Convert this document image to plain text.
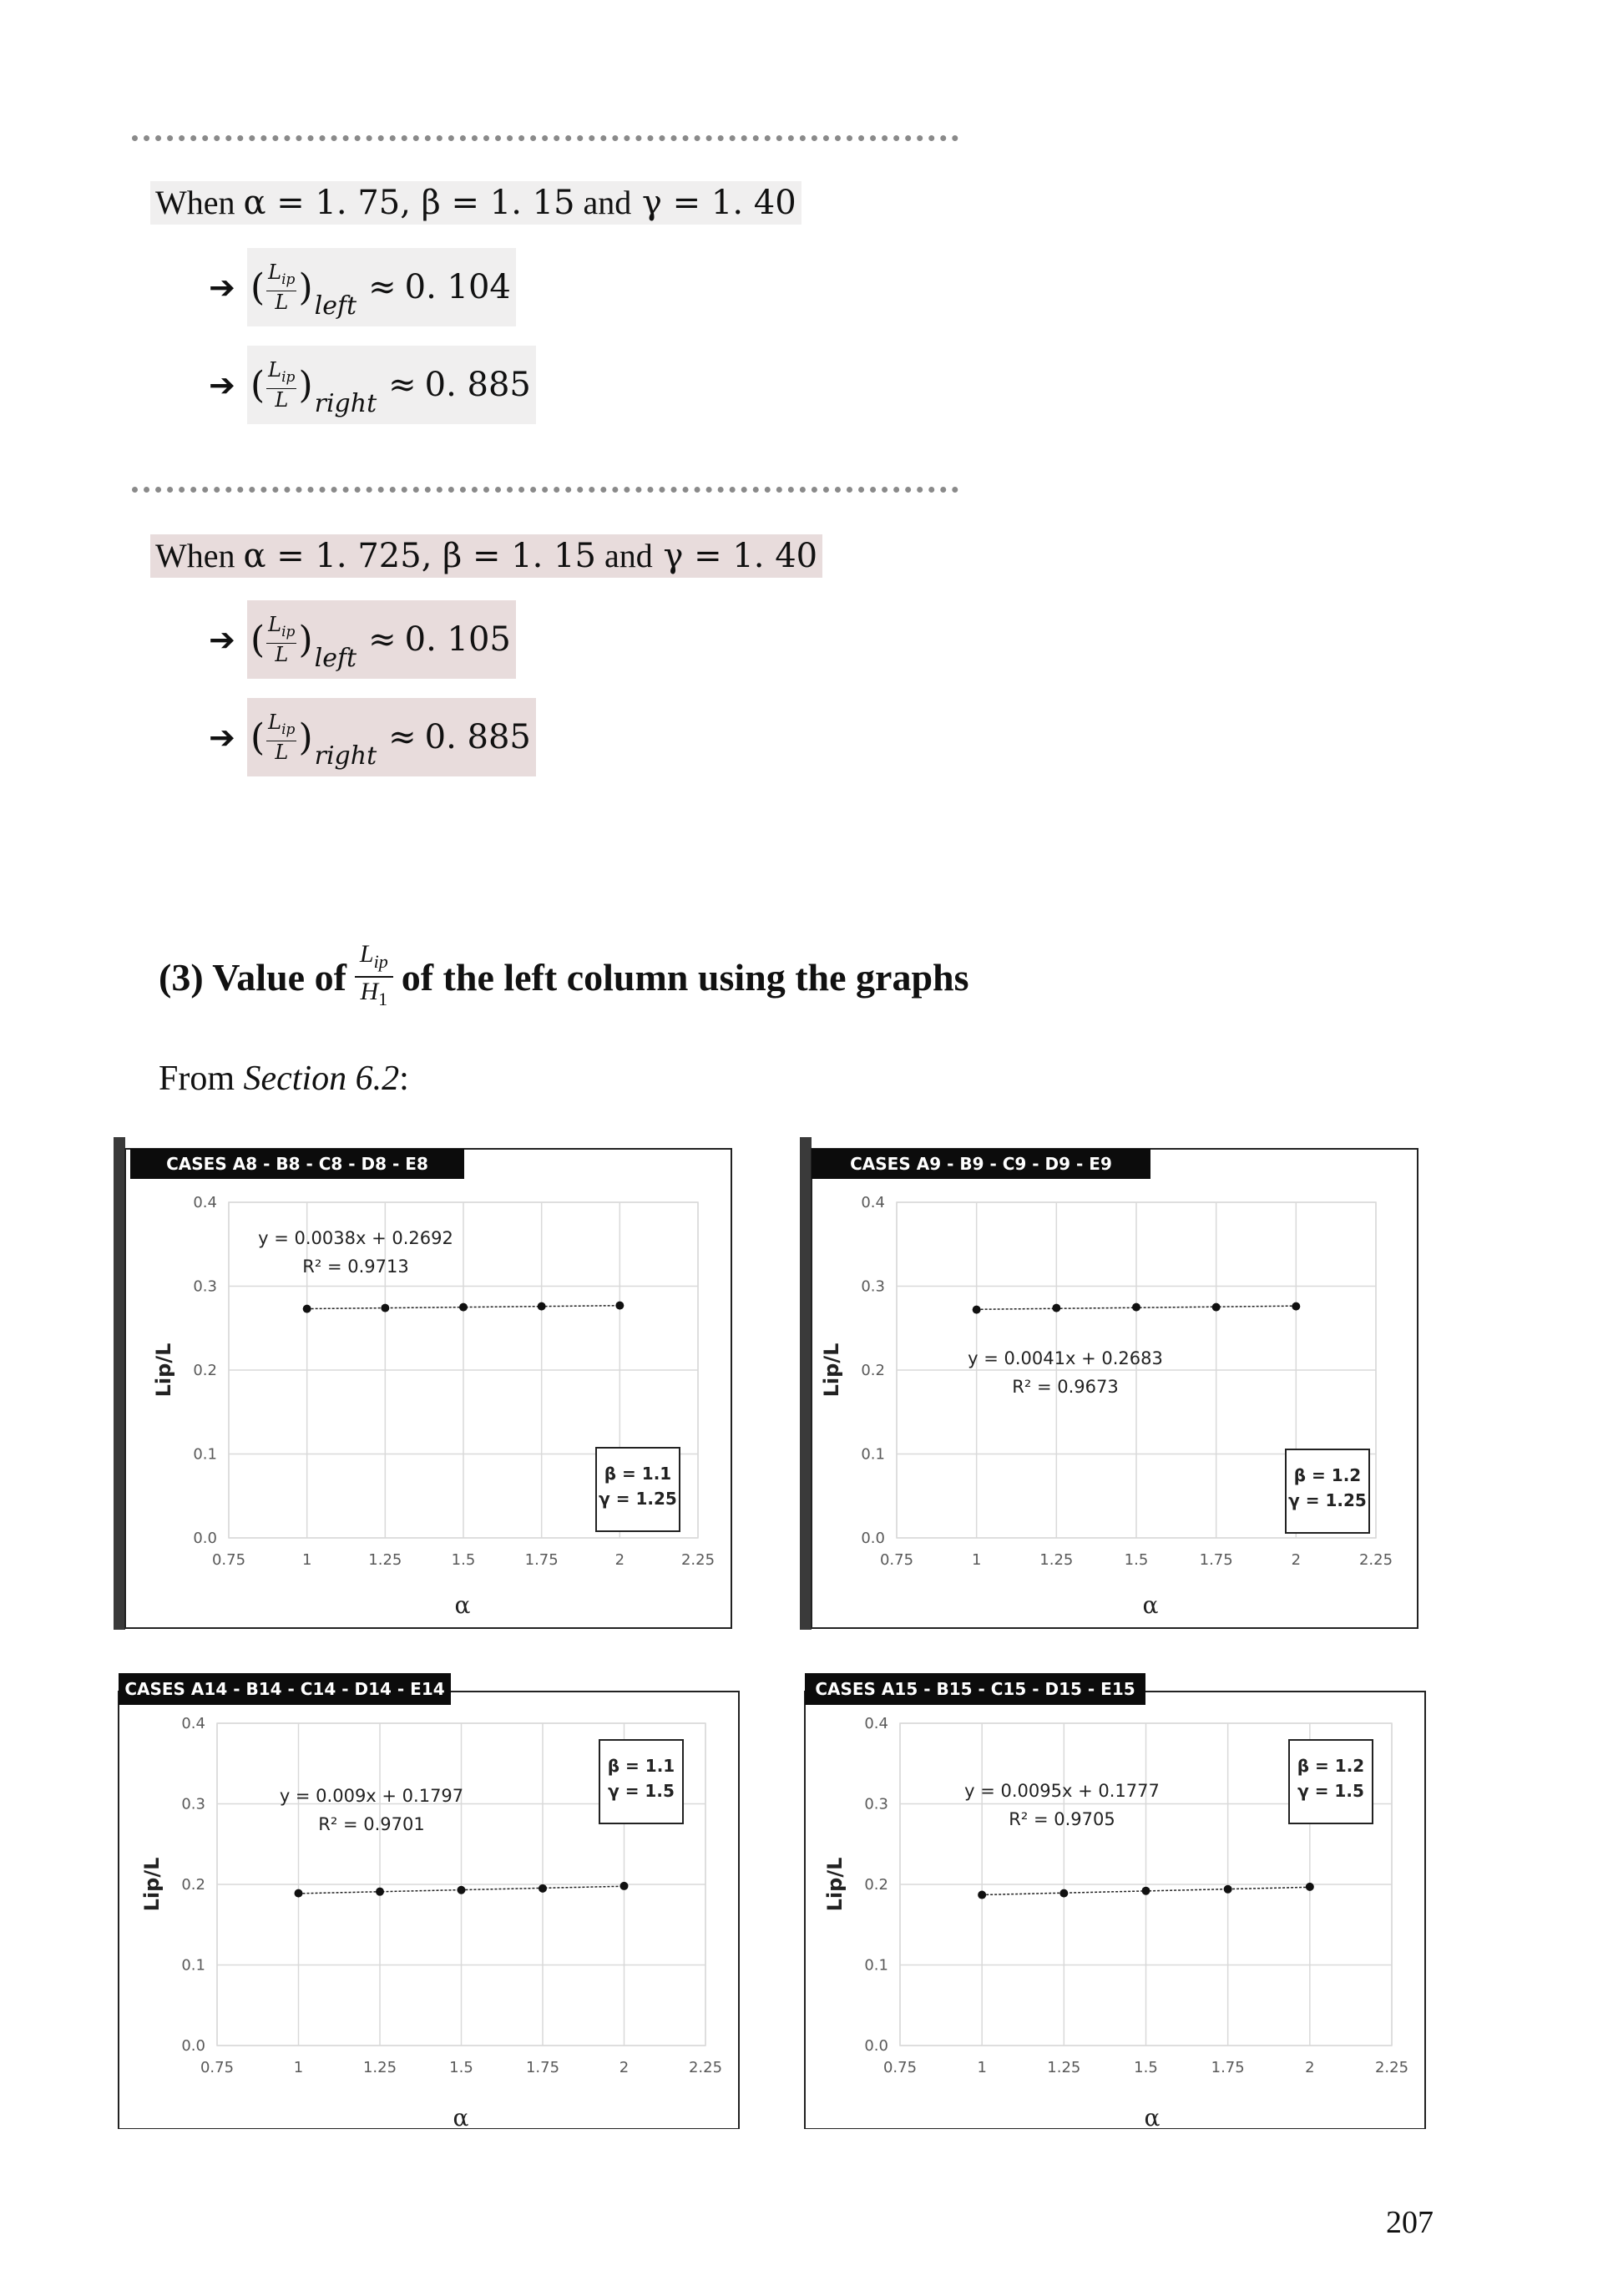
When α = 1. 75, β = 1. 15 and γ = 1. 40
➔ ( $\frac{L_{ip}}{L}$ ) left ≈ 0. 104
➔ ( $\frac{L_{ip}}{L}$ ) right ≈ 0. 885
When α = 1. 725, β = 1. 15 and γ = 1. 40
➔ ( $\frac{L_{ip}}{L}$ ) left ≈ 0. 105
➔ ( $\frac{L_{ip}}{L}$ ) right ≈ 0. 885
(3) Value of $\frac{L_{ip}}{H_1}$ of the left column using the graphs
From Section 6.2:
CASES A8 - B8 - C8 - D8 - E8
0.75	1	1.25	1.5	1.75	2	2.25
0.0
0.1
0.2
0.3
0.4
α
Lip/L
y = 0.0038x + 0.2692
R² = 0.9713
β = 1.1
γ = 1.25
CASES A9 - B9 - C9 - D9 - E9
0.75	1	1.25	1.5	1.75	2	2.25
0.0
0.1
0.2
0.3
0.4
α
Lip/L	y = 0.0041x + 0.2683
R² = 0.9673
β = 1.2
γ = 1.25
CASES A14 - B14 - C14 - D14 - E14
0.75	1	1.25	1.5	1.75	2	2.25
0.0
0.1
0.2
0.3
0.4
α
Lip/L
y = 0.009x + 0.1797
R² = 0.9701
β = 1.1
γ = 1.5
CASES A15 - B15 - C15 - D15 - E15
0.75	1	1.25	1.5	1.75	2	2.25
0.0
0.1
0.2
0.3
0.4
α
Lip/L
y = 0.0095x + 0.1777
R² = 0.9705
β = 1.2
γ = 1.5
207
